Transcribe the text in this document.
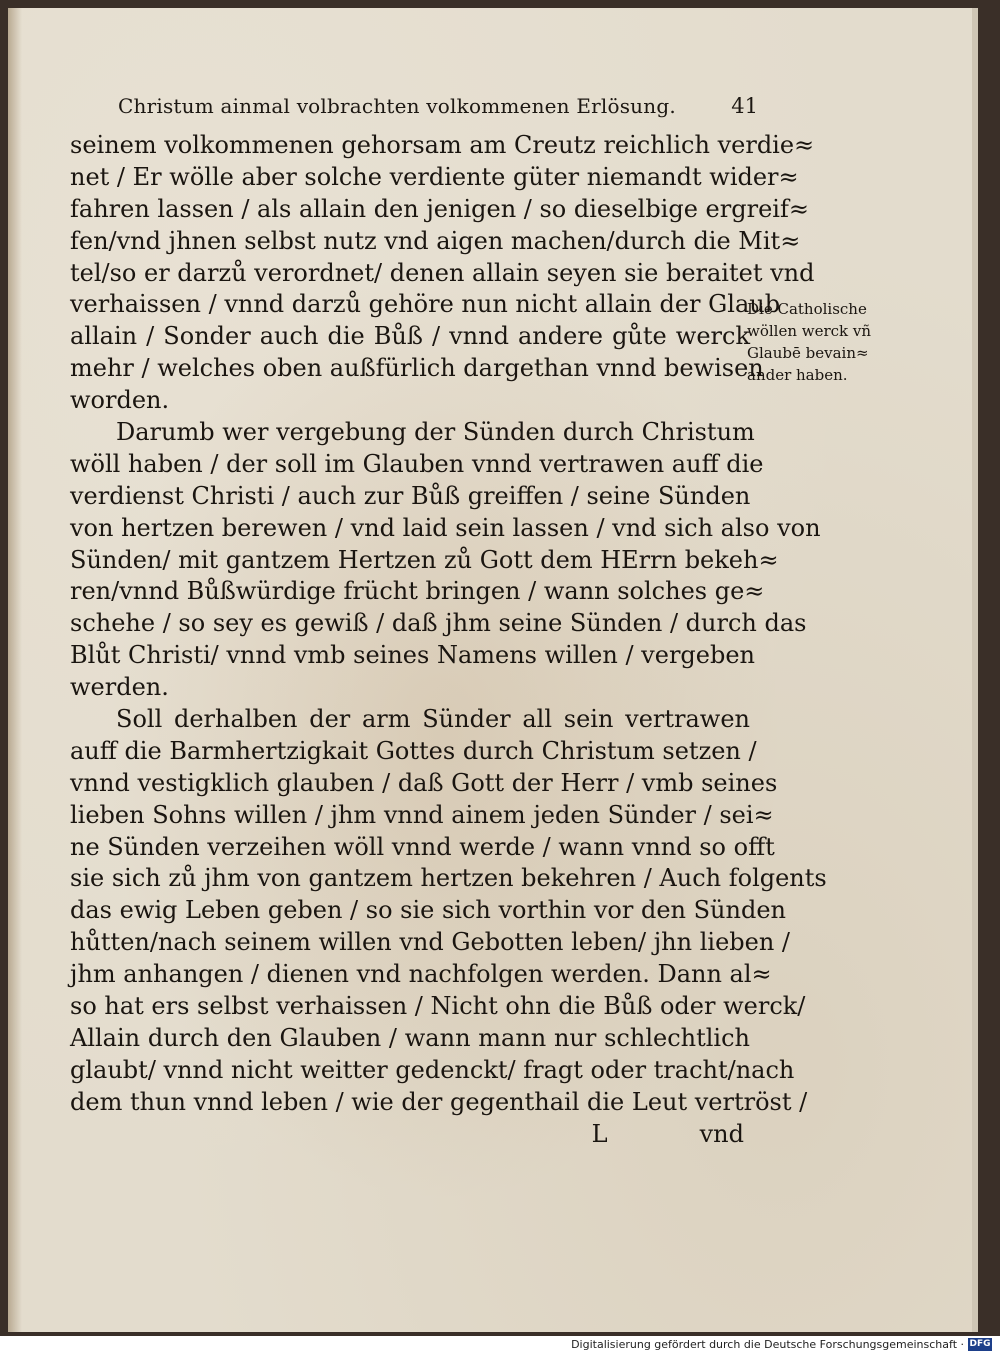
Christum ainmal volbrachten volkommenen Erlösung.	41
seinem volkommenen gehorsam am Creutz reichlich verdie≈
net / Er wölle aber solche verdiente güter niemandt wider≈
fahren lassen / als allain den jenigen / so dieselbige ergreif≈
fen/vnd jhnen selbst nutz vnd aigen machen/durch die Mit≈
tel/so er darzů verordnet/ denen allain seyen sie beraitet vnd
verhaissen / vnnd darzů gehöre nun nicht allain der Glaub
allain / Sonder auch die Bůß / vnnd andere gůte werck
mehr / welches oben außfürlich dargethan vnnd bewisen
worden.
Darumb wer vergebung der Sünden durch Christum
wöll haben / der soll im Glauben vnnd vertrawen auff die
verdienst Christi / auch zur Bůß greiffen / seine Sünden
von hertzen berewen / vnd laid sein lassen / vnd sich also von
Sünden/ mit gantzem Hertzen zů Gott dem HErrn bekeh≈
ren/vnnd Bůßwürdige frücht bringen / wann solches ge≈
schehe / so sey es gewiß / daß jhm seine Sünden / durch das
Blůt Christi/ vnnd vmb seines Namens willen / vergeben
werden.
Soll derhalben der arm Sünder all sein vertrawen
auff die Barmhertzigkait Gottes durch Christum setzen /
vnnd vestigklich glauben / daß Gott der Herr / vmb seines
lieben Sohns willen / jhm vnnd ainem jeden Sünder / sei≈
ne Sünden verzeihen wöll vnnd werde / wann vnnd so offt
sie sich zů jhm von gantzem hertzen bekehren / Auch folgents
das ewig Leben geben / so sie sich vorthin vor den Sünden
hůtten/nach seinem willen vnd Gebotten leben/ jhn lieben /
jhm anhangen / dienen vnd nachfolgen werden. Dann al≈
so hat ers selbst verhaissen / Nicht ohn die Bůß oder werck/
Allain durch den Glauben / wann mann nur schlechtlich
glaubt/ vnnd nicht weitter gedenckt/ fragt oder tracht/nach
dem thun vnnd leben / wie der gegenthail die Leut vertröst /
L	vnd
Die Catholische
wöllen werck vñ
Glaubē bevain≈
ander haben.
Digitalisierung gefördert durch die Deutsche Forschungsgemeinschaft · DFG
